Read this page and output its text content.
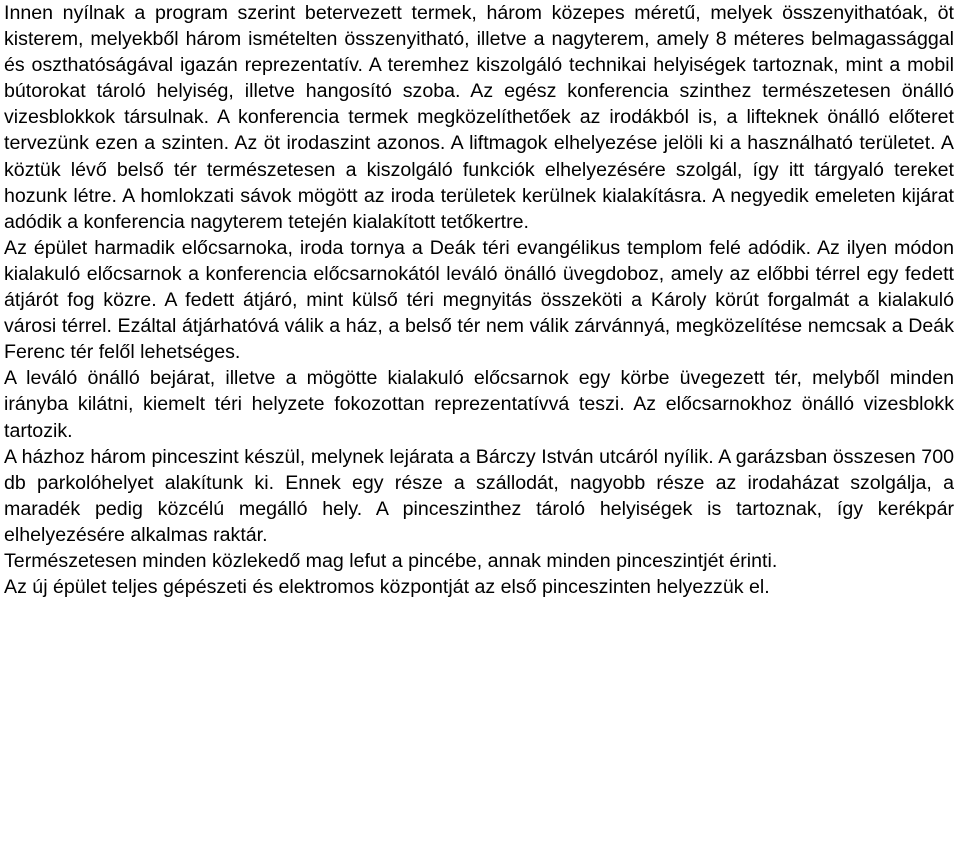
Innen nyílnak a program szerint betervezett termek, három közepes méretű, melyek összenyithatóak, öt kisterem, melyekből három ismételten összenyitható, illetve a nagyterem, amely 8 méteres belmagassággal és oszthatóságával igazán reprezentatív. A teremhez kiszolgáló technikai helyiségek tartoznak, mint a mobil bútorokat tároló helyiség, illetve hangosító szoba. Az egész konferencia szinthez természetesen önálló vizesblokkok társulnak. A konferencia termek megközelíthetőek az irodákból is, a lifteknek önálló előteret tervezünk ezen a szinten. Az öt irodaszint azonos. A liftmagok elhelyezése jelöli ki a használható területet. A köztük lévő belső tér természetesen a kiszolgáló funkciók elhelyezésére szolgál, így itt tárgyaló tereket hozunk létre. A homlokzati sávok mögött az iroda területek kerülnek kialakításra. A negyedik emeleten kijárat adódik a konferencia nagyterem tetején kialakított tetőkertre.

Az épület harmadik előcsarnoka, iroda tornya a Deák téri evangélikus templom felé adódik. Az ilyen módon kialakuló előcsarnok a konferencia előcsarnokától leváló önálló üvegdoboz, amely az előbbi térrel egy fedett átjárót fog közre. A fedett átjáró, mint külső téri megnyitás összeköti a Károly körút forgalmát a kialakuló városi térrel. Ezáltal átjárhatóvá válik a ház, a belső tér nem válik zárvánnyá, megközelítése nemcsak a Deák Ferenc tér felől lehetséges.

A leváló önálló bejárat, illetve a mögötte kialakuló előcsarnok egy körbe üvegezett tér, melyből minden irányba kilátni, kiemelt téri helyzete fokozottan reprezentatívvá teszi. Az előcsarnokhoz önálló vizesblokk tartozik.

A házhoz három pinceszint készül, melynek lejárata a Bárczy István utcáról nyílik. A garázsban összesen 700 db parkolóhelyet alakítunk ki. Ennek egy része a szállodát, nagyobb része az irodaházat szolgálja, a maradék pedig közcélú megálló hely. A pinceszinthez tároló helyiségek is tartoznak, így kerékpár elhelyezésére alkalmas raktár.

Természetesen minden közlekedő mag lefut a pincébe, annak minden pinceszintjét érinti.

Az új épület teljes gépészeti és elektromos központját az első pinceszinten helyezzük el.
